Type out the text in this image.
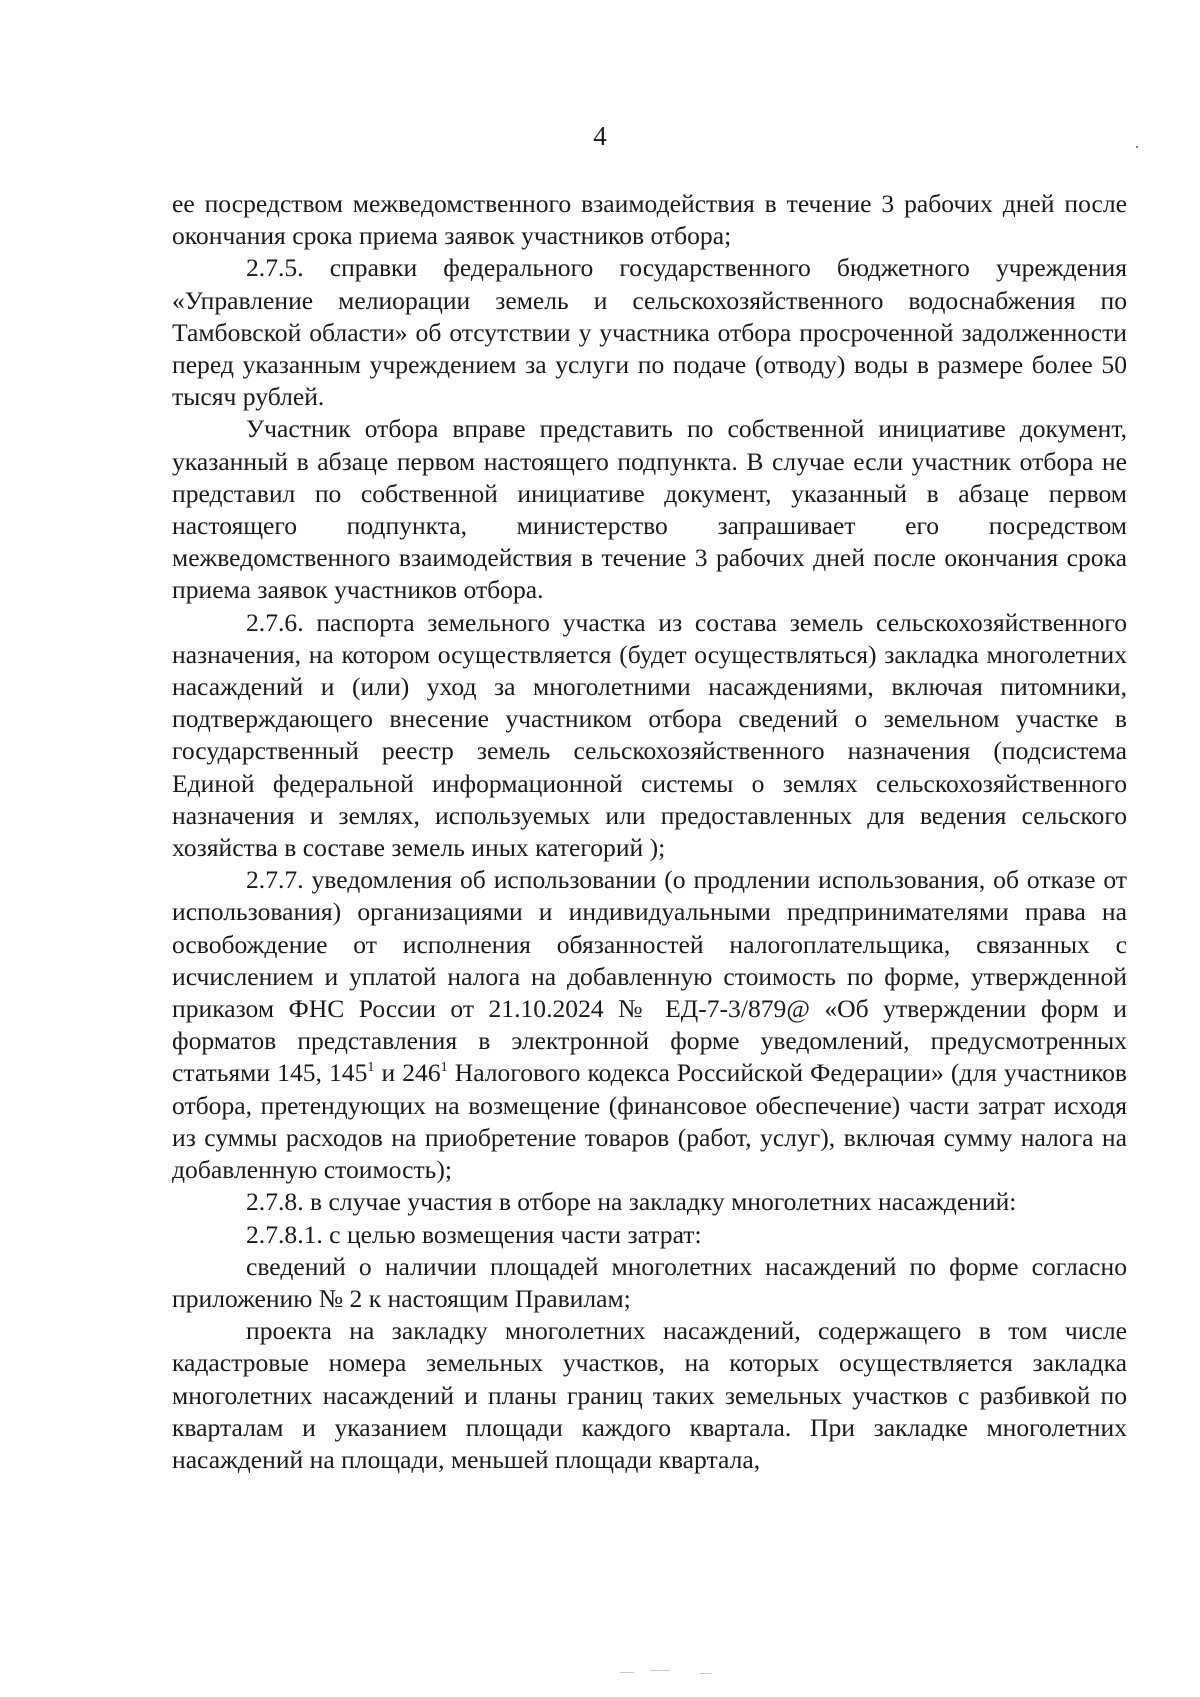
4

ее посредством межведомственного взаимодействия в течение 3 рабочих дней после окончания срока приема заявок участников отбора;

2.7.5. справки федерального государственного бюджетного учреждения «Управление мелиорации земель и сельскохозяйственного водоснабжения по Тамбовской области» об отсутствии у участника отбора просроченной задолженности перед указанным учреждением за услуги по подаче (отводу) воды в размере более 50 тысяч рублей.

Участник отбора вправе представить по собственной инициативе документ, указанный в абзаце первом настоящего подпункта. В случае если участник отбора не представил по собственной инициативе документ, указанный в абзаце первом настоящего подпункта, министерство запрашивает его посредством межведомственного взаимодействия в течение 3 рабочих дней после окончания срока приема заявок участников отбора.

2.7.6. паспорта земельного участка из состава земель сельскохозяйственного назначения, на котором осуществляется (будет осуществляться) закладка многолетних насаждений и (или) уход за многолетними насаждениями, включая питомники, подтверждающего внесение участником отбора сведений о земельном участке в государственный реестр земель сельскохозяйственного назначения (подсистема Единой федеральной информационной системы о землях сельскохозяйственного назначения и землях, используемых или предоставленных для ведения сельского хозяйства в составе земель иных категорий );

2.7.7. уведомления об использовании (о продлении использования, об отказе от использования) организациями и индивидуальными предпринимателями права на освобождение от исполнения обязанностей налогоплательщика, связанных с исчислением и уплатой налога на добавленную стоимость по форме, утвержденной приказом ФНС России от 21.10.2024 № ЕД-7-3/879@ «Об утверждении форм и форматов представления в электронной форме уведомлений, предусмотренных статьями 145, $145^1$ и $246^1$ Налогового кодекса Российской Федерации» (для участников отбора, претендующих на возмещение (финансовое обеспечение) части затрат исходя из суммы расходов на приобретение товаров (работ, услуг), включая сумму налога на добавленную стоимость);

2.7.8. в случае участия в отборе на закладку многолетних насаждений:

2.7.8.1. с целью возмещения части затрат:

сведений о наличии площадей многолетних насаждений по форме согласно приложению № 2 к настоящим Правилам;

проекта на закладку многолетних насаждений, содержащего в том числе кадастровые номера земельных участков, на которых осуществляется закладка многолетних насаждений и планы границ таких земельных участков с разбивкой по кварталам и указанием площади каждого квартала. При закладке многолетних насаждений на площади, меньшей площади квартала,
